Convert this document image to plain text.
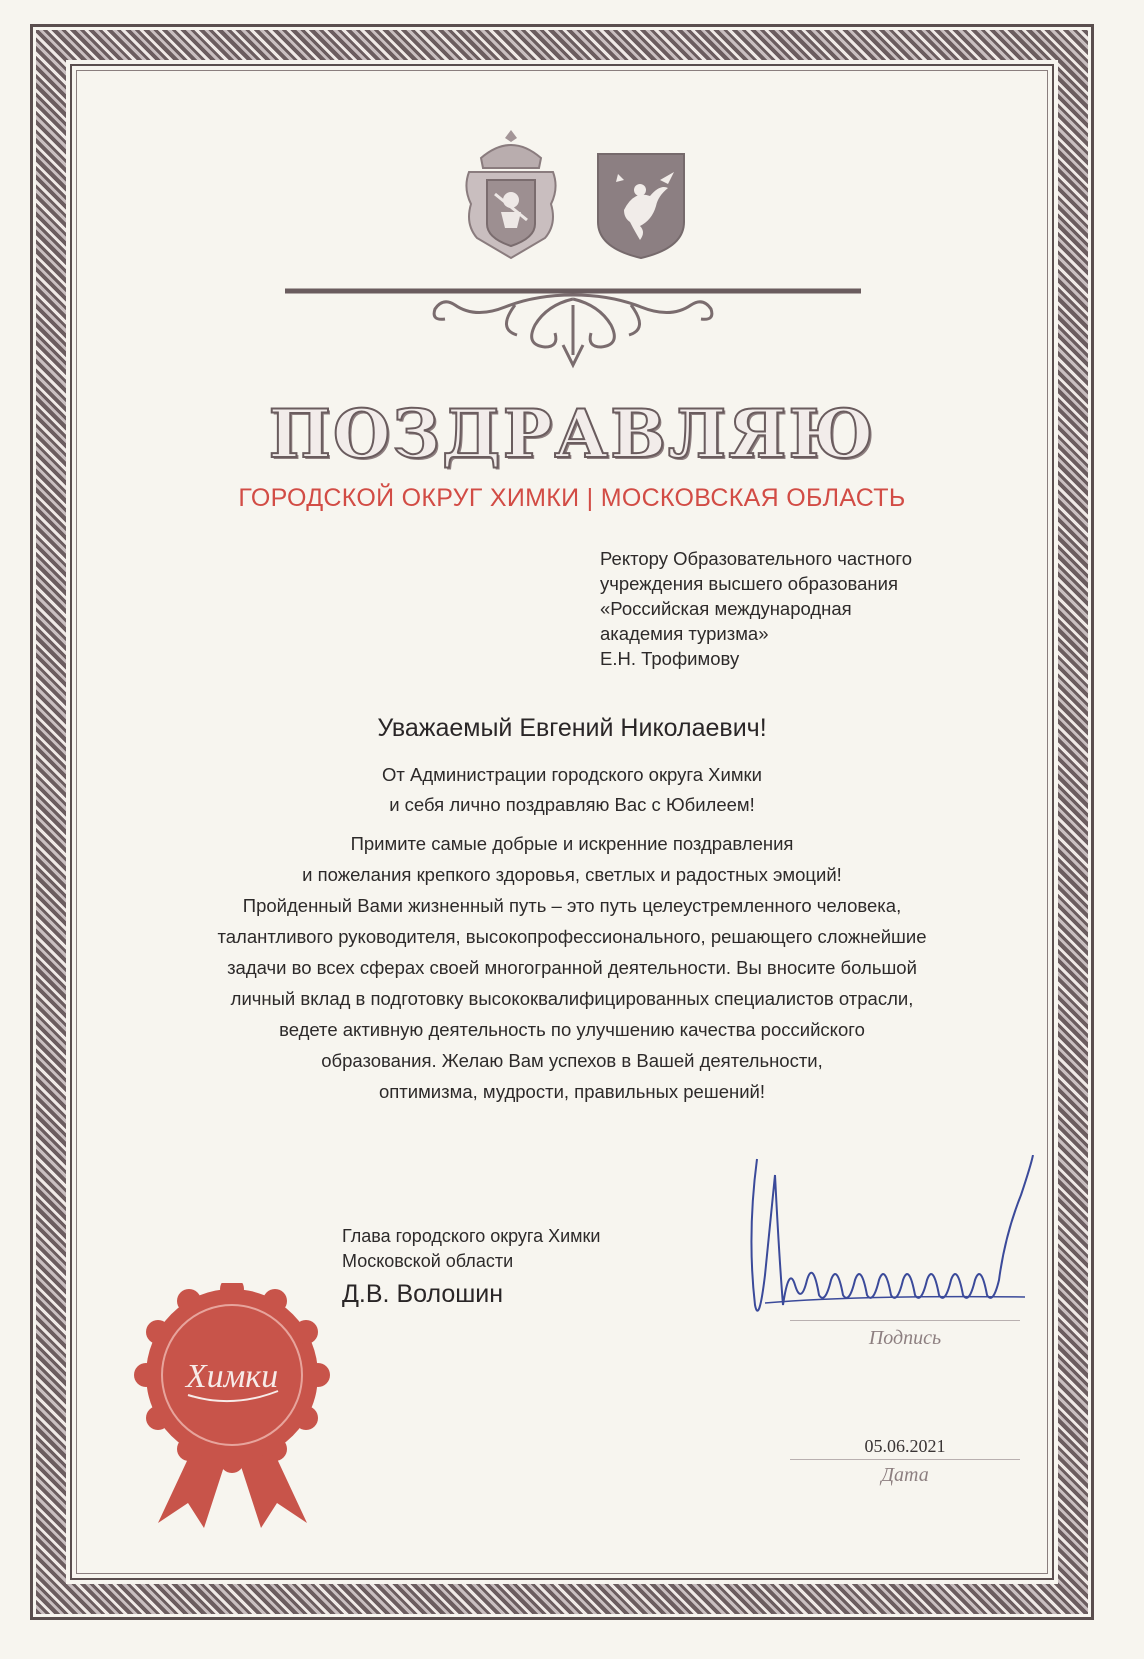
ПОЗДРАВЛЯЮ
ГОРОДСКОЙ ОКРУГ ХИМКИ | МОСКОВСКАЯ ОБЛАСТЬ
Ректору Образовательного частного
учреждения высшего образования
«Российская международная
академия туризма»
Е.Н. Трофимову
Уважаемый Евгений Николаевич!
От Администрации городского округа Химки
и себя лично поздравляю Вас с Юбилеем!
Примите самые добрые и искренние поздравления
и пожелания крепкого здоровья, светлых и радостных эмоций!
Пройденный Вами жизненный путь – это путь целеустремленного человека,
талантливого руководителя, высокопрофессионального, решающего сложнейшие
задачи во всех сферах своей многогранной деятельности. Вы вносите большой
личный вклад в подготовку высококвалифицированных специалистов отрасли,
ведете активную деятельность по улучшению качества российского
образования. Желаю Вам успехов в Вашей деятельности,
оптимизма, мудрости, правильных решений!
Глава городского округа Химки
Московской области
Д.В. Волошин
Подпись
05.06.2021
Дата
Химки
